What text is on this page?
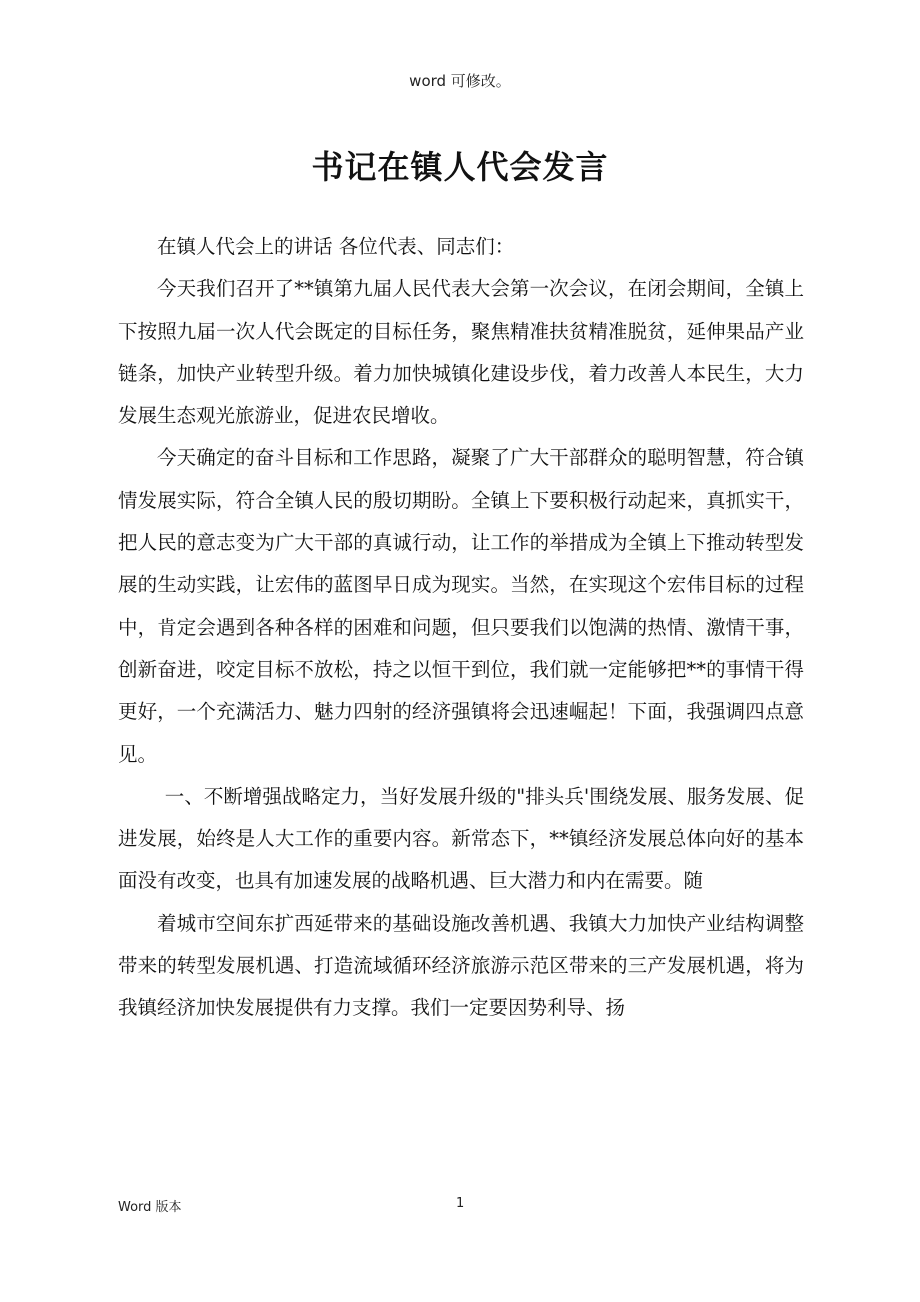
word 可修改。
书记在镇人代会发言

在镇人代会上的讲话 各位代表、同志们：

今天我们召开了**镇第九届人民代表大会第一次会议，在闭会期间，全镇上下按照九届一次人代会既定的目标任务，聚焦精准扶贫精准脱贫，延伸果品产业链条，加快产业转型升级。着力加快城镇化建设步伐，着力改善人本民生，大力发展生态观光旅游业，促进农民增收。

今天确定的奋斗目标和工作思路，凝聚了广大干部群众的聪明智慧，符合镇情发展实际，符合全镇人民的殷切期盼。全镇上下要积极行动起来，真抓实干，把人民的意志变为广大干部的真诚行动，让工作的举措成为全镇上下推动转型发展的生动实践，让宏伟的蓝图早日成为现实。当然，在实现这个宏伟目标的过程中，肯定会遇到各种各样的困难和问题，但只要我们以饱满的热情、激情干事，创新奋进，咬定目标不放松，持之以恒干到位，我们就一定能够把**的事情干得更好，一个充满活力、魅力四射的经济强镇将会迅速崛起！下面，我强调四点意见。

一、不断增强战略定力，当好发展升级的"排头兵'围绕发展、服务发展、促进发展，始终是人大工作的重要内容。新常态下，**镇经济发展总体向好的基本面没有改变，也具有加速发展的战略机遇、巨大潜力和内在需要。随

着城市空间东扩西延带来的基础设施改善机遇、我镇大力加快产业结构调整带来的转型发展机遇、打造流域循环经济旅游示范区带来的三产发展机遇，将为我镇经济加快发展提供有力支撑。我们一定要因势利导、扬

Word 版本	1
